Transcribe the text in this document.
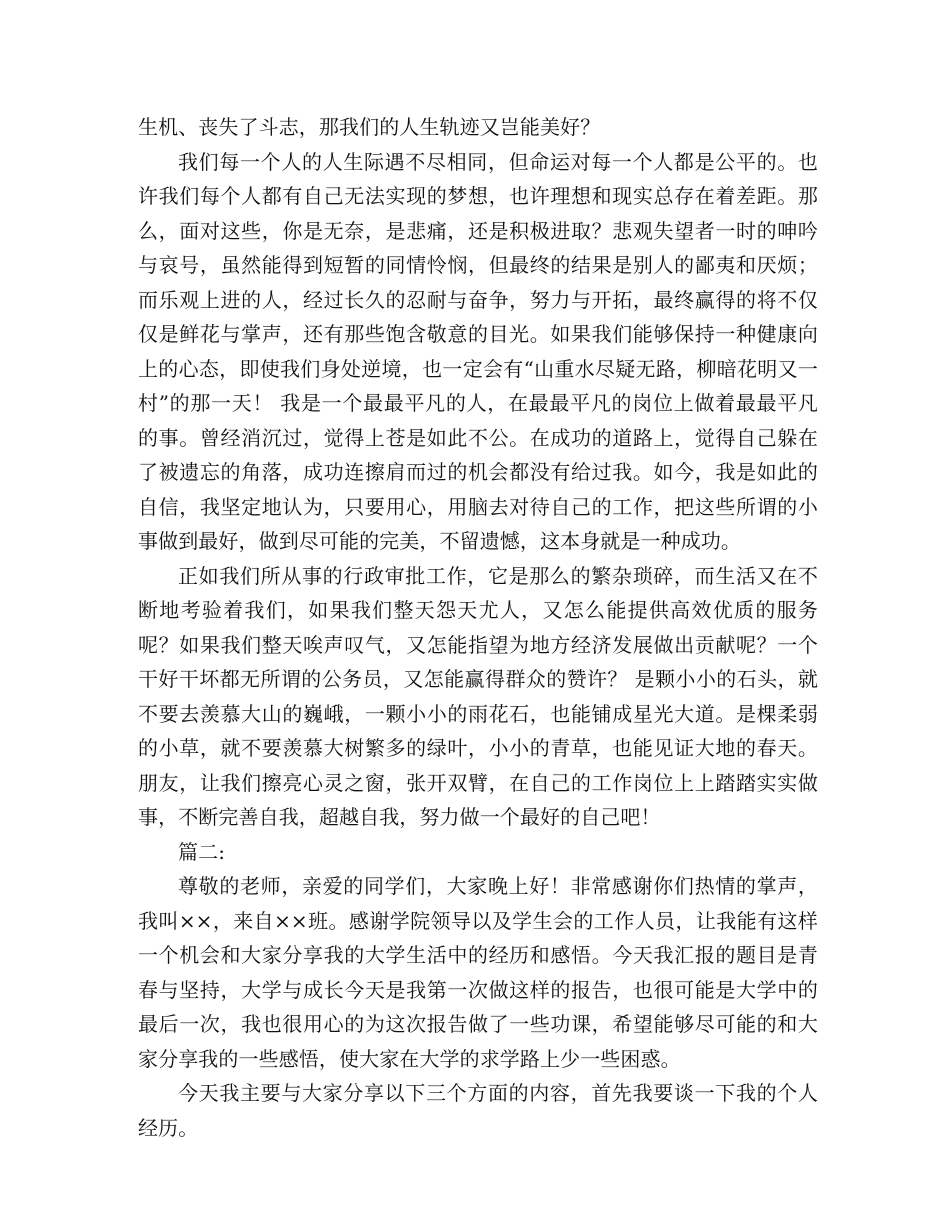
生机、丧失了斗志，那我们的人生轨迹又岂能美好？

我们每一个人的人生际遇不尽相同，但命运对每一个人都是公平的。也许我们每个人都有自己无法实现的梦想，也许理想和现实总存在着差距。那么，面对这些，你是无奈，是悲痛，还是积极进取？悲观失望者一时的呻吟与哀号，虽然能得到短暂的同情怜悯，但最终的结果是别人的鄙夷和厌烦；而乐观上进的人，经过长久的忍耐与奋争，努力与开拓，最终赢得的将不仅仅是鲜花与掌声，还有那些饱含敬意的目光。如果我们能够保持一种健康向上的心态，即使我们身处逆境，也一定会有“山重水尽疑无路，柳暗花明又一村”的那一天！ 我是一个最最平凡的人，在最最平凡的岗位上做着最最平凡的事。曾经消沉过，觉得上苍是如此不公。在成功的道路上，觉得自己躲在了被遗忘的角落，成功连擦肩而过的机会都没有给过我。如今，我是如此的自信，我坚定地认为，只要用心，用脑去对待自己的工作，把这些所谓的小事做到最好，做到尽可能的完美，不留遗憾，这本身就是一种成功。

正如我们所从事的行政审批工作，它是那么的繁杂琐碎，而生活又在不断地考验着我们，如果我们整天怨天尤人，又怎么能提供高效优质的服务呢？如果我们整天唉声叹气，又怎能指望为地方经济发展做出贡献呢？一个干好干坏都无所谓的公务员，又怎能赢得群众的赞许？ 是颗小小的石头，就不要去羡慕大山的巍峨，一颗小小的雨花石，也能铺成星光大道。是棵柔弱的小草，就不要羡慕大树繁多的绿叶，小小的青草，也能见证大地的春天。朋友，让我们擦亮心灵之窗，张开双臂，在自己的工作岗位上上踏踏实实做事，不断完善自我，超越自我，努力做一个最好的自己吧！

篇二:

尊敬的老师，亲爱的同学们，大家晚上好！非常感谢你们热情的掌声，我叫××，来自××班。感谢学院领导以及学生会的工作人员，让我能有这样一个机会和大家分享我的大学生活中的经历和感悟。今天我汇报的题目是青春与坚持，大学与成长今天是我第一次做这样的报告，也很可能是大学中的最后一次，我也很用心的为这次报告做了一些功课，希望能够尽可能的和大家分享我的一些感悟，使大家在大学的求学路上少一些困惑。

今天我主要与大家分享以下三个方面的内容，首先我要谈一下我的个人经历。
